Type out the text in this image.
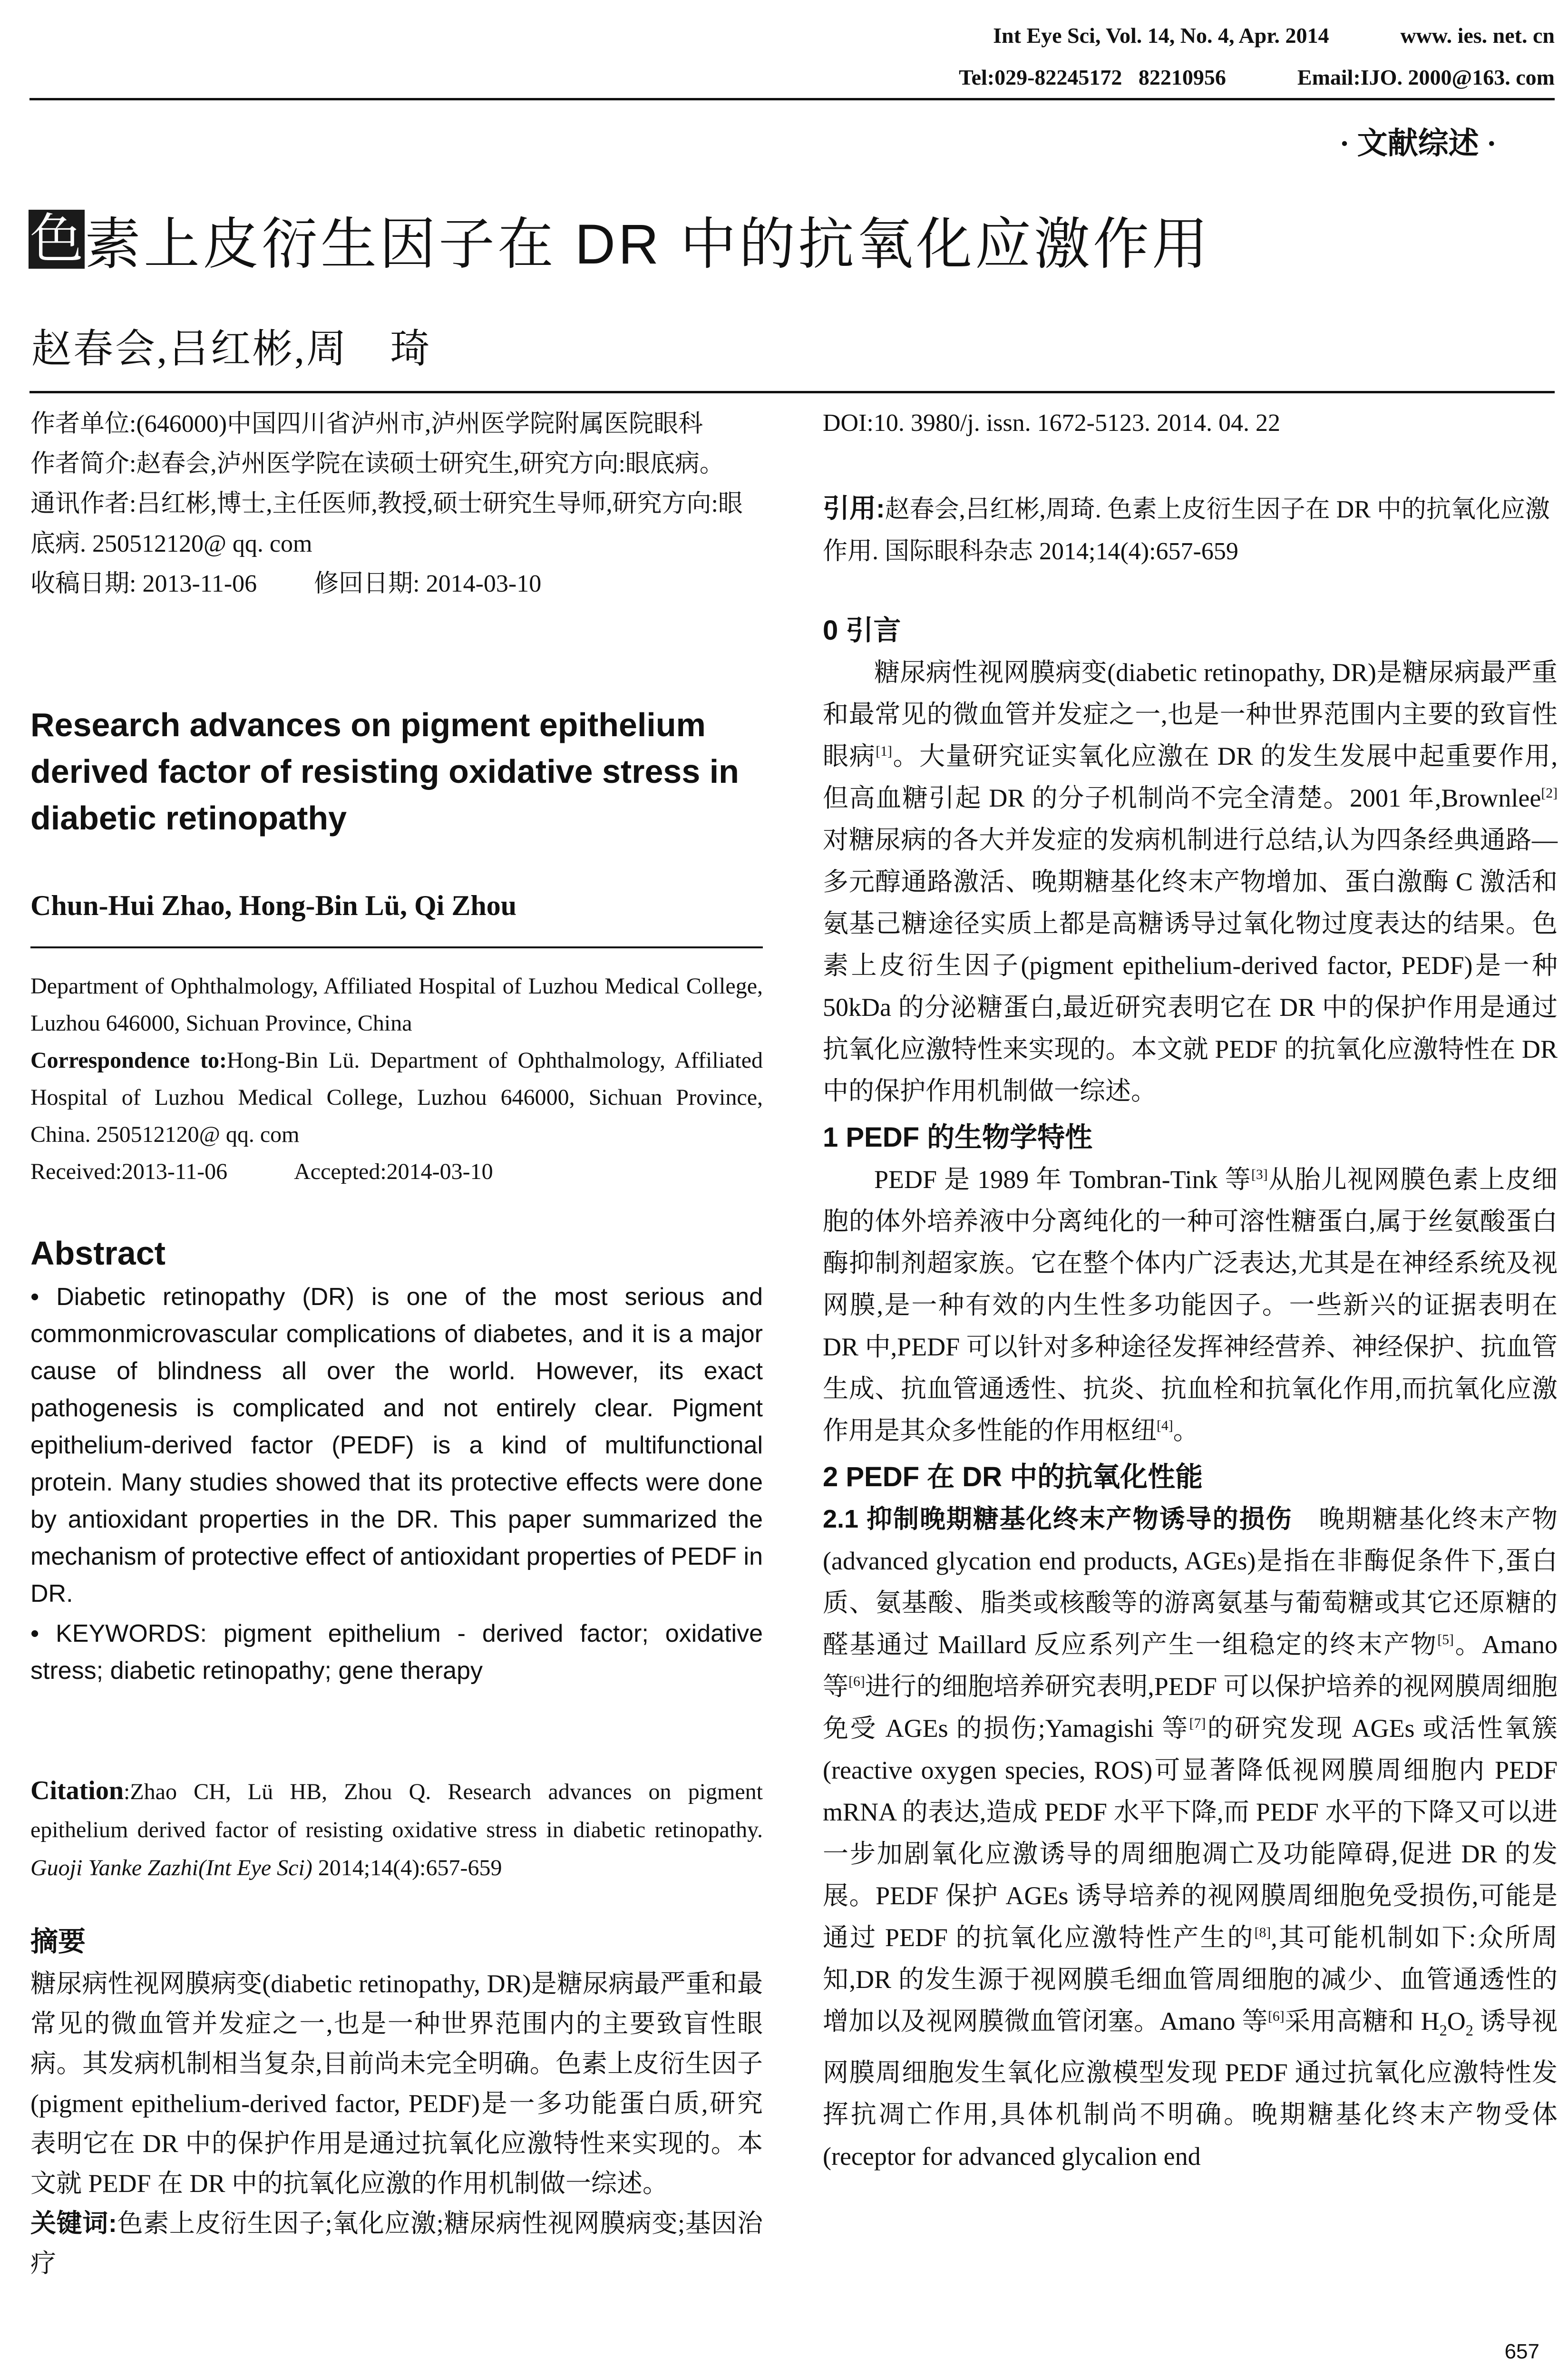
Int Eye Sci, Vol. 14, No. 4, Apr. 2014	www. ies. net. cn
Tel:029-82245172   82210956	Email:IJO. 2000@163. com
· 文献综述 ·
色素上皮衍生因子在 DR 中的抗氧化应激作用
赵春会,吕红彬,周　琦

作者单位:(646000)中国四川省泸州市,泸州医学院附属医院眼科

作者简介:赵春会,泸州医学院在读硕士研究生,研究方向:眼底病。

通讯作者:吕红彬,博士,主任医师,教授,硕士研究生导师,研究方向:眼底病. 250512120@ qq. com

收稿日期: 2013-11-06 修回日期: 2014-03-10

Research advances on pigment epithelium derived factor of resisting oxidative stress in diabetic retinopathy
Chun-Hui Zhao, Hong-Bin Lü, Qi Zhou

Department of Ophthalmology, Affiliated Hospital of Luzhou Medical College, Luzhou 646000, Sichuan Province, China

Correspondence to:Hong-Bin Lü. Department of Ophthalmology, Affiliated Hospital of Luzhou Medical College, Luzhou 646000, Sichuan Province, China. 250512120@ qq. com

Received:2013-11-06	Accepted:2014-03-10

Abstract

• Diabetic retinopathy (DR) is one of the most serious and commonmicrovascular complications of diabetes, and it is a major cause of blindness all over the world. However, its exact pathogenesis is complicated and not entirely clear. Pigment epithelium-derived factor (PEDF) is a kind of multifunctional protein. Many studies showed that its protective effects were done by antioxidant properties in the DR. This paper summarized the mechanism of protective effect of antioxidant properties of PEDF in DR.

• KEYWORDS: pigment epithelium - derived factor; oxidative stress; diabetic retinopathy; gene therapy

Citation:Zhao CH, Lü HB, Zhou Q. Research advances on pigment epithelium derived factor of resisting oxidative stress in diabetic retinopathy. Guoji Yanke Zazhi(Int Eye Sci) 2014;14(4):657-659

摘要

糖尿病性视网膜病变(diabetic retinopathy, DR)是糖尿病最严重和最常见的微血管并发症之一,也是一种世界范围内的主要致盲性眼病。其发病机制相当复杂,目前尚未完全明确。色素上皮衍生因子(pigment epithelium-derived factor, PEDF)是一多功能蛋白质,研究表明它在 DR 中的保护作用是通过抗氧化应激特性来实现的。本文就 PEDF 在 DR 中的抗氧化应激的作用机制做一综述。

关键词:色素上皮衍生因子;氧化应激;糖尿病性视网膜病变;基因治疗

DOI:10. 3980/j. issn. 1672-5123. 2014. 04. 22
引用:赵春会,吕红彬,周琦. 色素上皮衍生因子在 DR 中的抗氧化应激作用. 国际眼科杂志 2014;14(4):657-659
0 引言

糖尿病性视网膜病变(diabetic retinopathy, DR)是糖尿病最严重和最常见的微血管并发症之一,也是一种世界范围内主要的致盲性眼病[1]。大量研究证实氧化应激在 DR 的发生发展中起重要作用,但高血糖引起 DR 的分子机制尚不完全清楚。2001 年,Brownlee[2]对糖尿病的各大并发症的发病机制进行总结,认为四条经典通路—多元醇通路激活、晚期糖基化终末产物增加、蛋白激酶 C 激活和氨基己糖途径实质上都是高糖诱导过氧化物过度表达的结果。色素上皮衍生因子(pigment epithelium-derived factor, PEDF)是一种 50kDa 的分泌糖蛋白,最近研究表明它在 DR 中的保护作用是通过抗氧化应激特性来实现的。本文就 PEDF 的抗氧化应激特性在 DR 中的保护作用机制做一综述。

1 PEDF 的生物学特性

PEDF 是 1989 年 Tombran-Tink 等[3]从胎儿视网膜色素上皮细胞的体外培养液中分离纯化的一种可溶性糖蛋白,属于丝氨酸蛋白酶抑制剂超家族。它在整个体内广泛表达,尤其是在神经系统及视网膜,是一种有效的内生性多功能因子。一些新兴的证据表明在 DR 中,PEDF 可以针对多种途径发挥神经营养、神经保护、抗血管生成、抗血管通透性、抗炎、抗血栓和抗氧化作用,而抗氧化应激作用是其众多性能的作用枢纽[4]。

2 PEDF 在 DR 中的抗氧化性能

2.1 抑制晚期糖基化终末产物诱导的损伤　 晚期糖基化终末产物(advanced glycation end products, AGEs)是指在非酶促条件下,蛋白质、氨基酸、脂类或核酸等的游离氨基与葡萄糖或其它还原糖的醛基通过 Maillard 反应系列产生一组稳定的终末产物[5]。Amano 等[6]进行的细胞培养研究表明,PEDF 可以保护培养的视网膜周细胞免受 AGEs 的损伤;Yamagishi 等[7]的研究发现 AGEs 或活性氧簇(reactive oxygen species, ROS)可显著降低视网膜周细胞内 PEDF mRNA 的表达,造成 PEDF 水平下降,而 PEDF 水平的下降又可以进一步加剧氧化应激诱导的周细胞凋亡及功能障碍,促进 DR 的发展。PEDF 保护 AGEs 诱导培养的视网膜周细胞免受损伤,可能是通过 PEDF 的抗氧化应激特性产生的[8],其可能机制如下:众所周知,DR 的发生源于视网膜毛细血管周细胞的减少、血管通透性的增加以及视网膜微血管闭塞。Amano 等[6]采用高糖和 $H_2O_2$ 诱导视网膜周细胞发生氧化应激模型发现 PEDF 通过抗氧化应激特性发挥抗凋亡作用,具体机制尚不明确。晚期糖基化终末产物受体(receptor for advanced glycalion end

657
